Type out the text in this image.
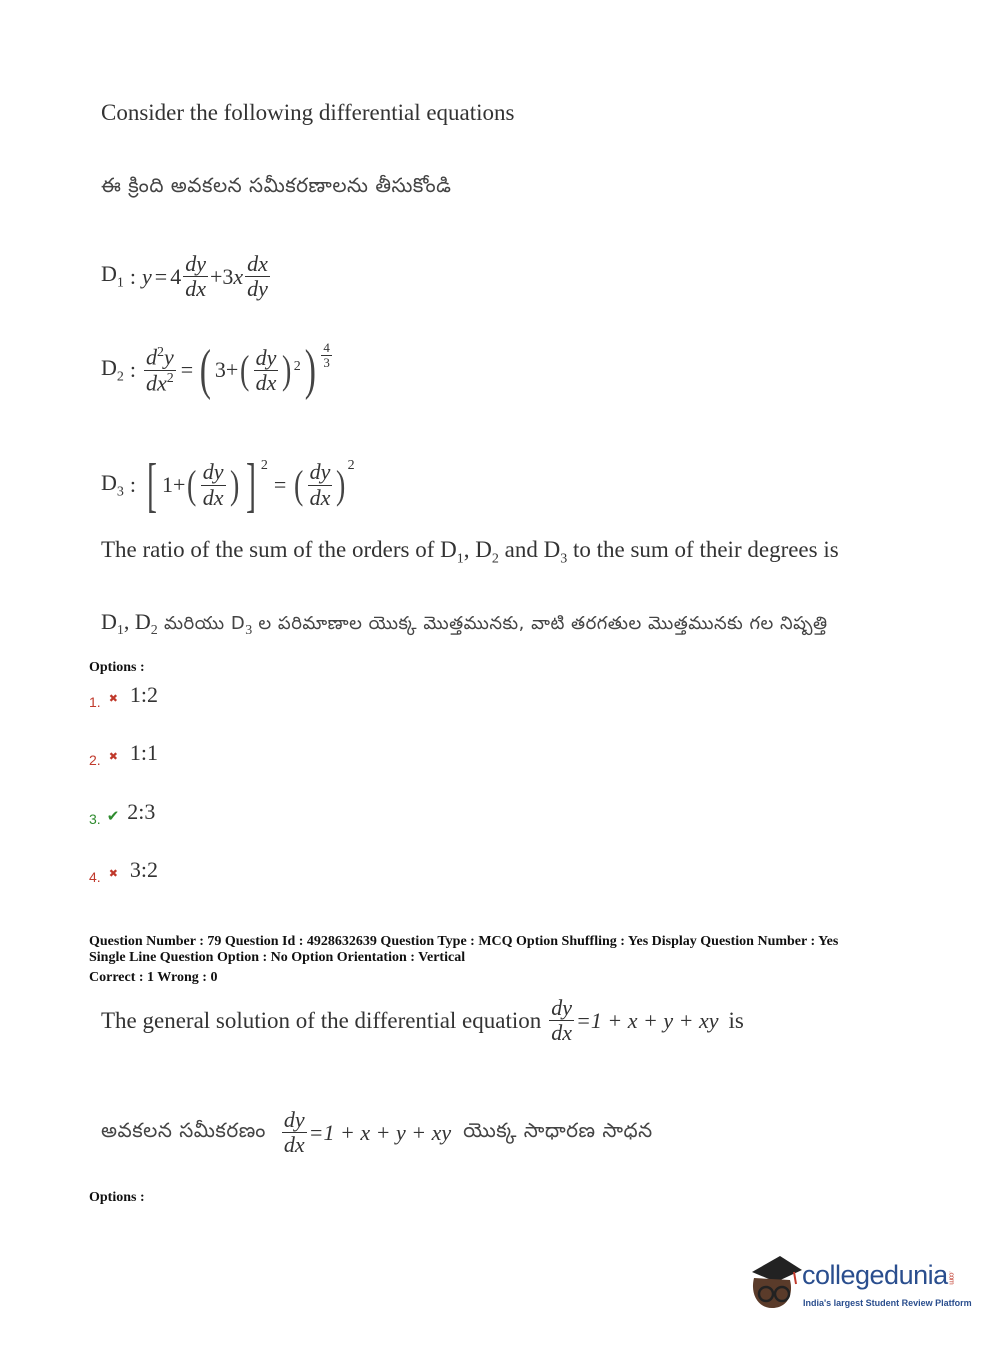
Consider the following differential equations
ఈ క్రింది అవకలన సమీకరణాలను తీసుకోండి
$D_1$ : $y = 4 \frac{dy}{dx} +3x \frac{dx}{dy}$
$D_2$ : $\frac{d^2y}{dx^2}$ = ( 3+ ( $\frac{dy}{dx}$ ) 2 ) $\frac{4}{3}$
$D_3$ : [ 1+ ( $\frac{dy}{dx}$ ) ] $^2$
= ( $\frac{dy}{dx} )^2$
The ratio of the sum of the orders of $D_1$, $D_2$ and $D_3$ to the sum of their degrees is
$D_1$, $D_2$ మరియు $D_3$ ల పరిమాణాల యొక్క మొత్తమునకు, వాటి తరగతుల మొత్తమునకు గల నిష్పత్తి
Options :
1. ✖ 1:2
2. ✖ 1:1
3. ✔ 2:3
4. ✖ 3:2
Question Number : 79 Question Id : 4928632639 Question Type : MCQ Option Shuffling : Yes Display Question Number : Yes
Single Line Question Option : No Option Orientation : Vertical
Correct : 1 Wrong : 0
The general solution of the differential equation $\frac{dy}{dx} =1 + x + y$ + xy is
అవకలన సమీకరణం $\frac{dy}{dx} =1 + x + y$ + xy యొక్క సాధారణ సాధన
Options :
collegedunia.com
India's largest Student Review Platform
